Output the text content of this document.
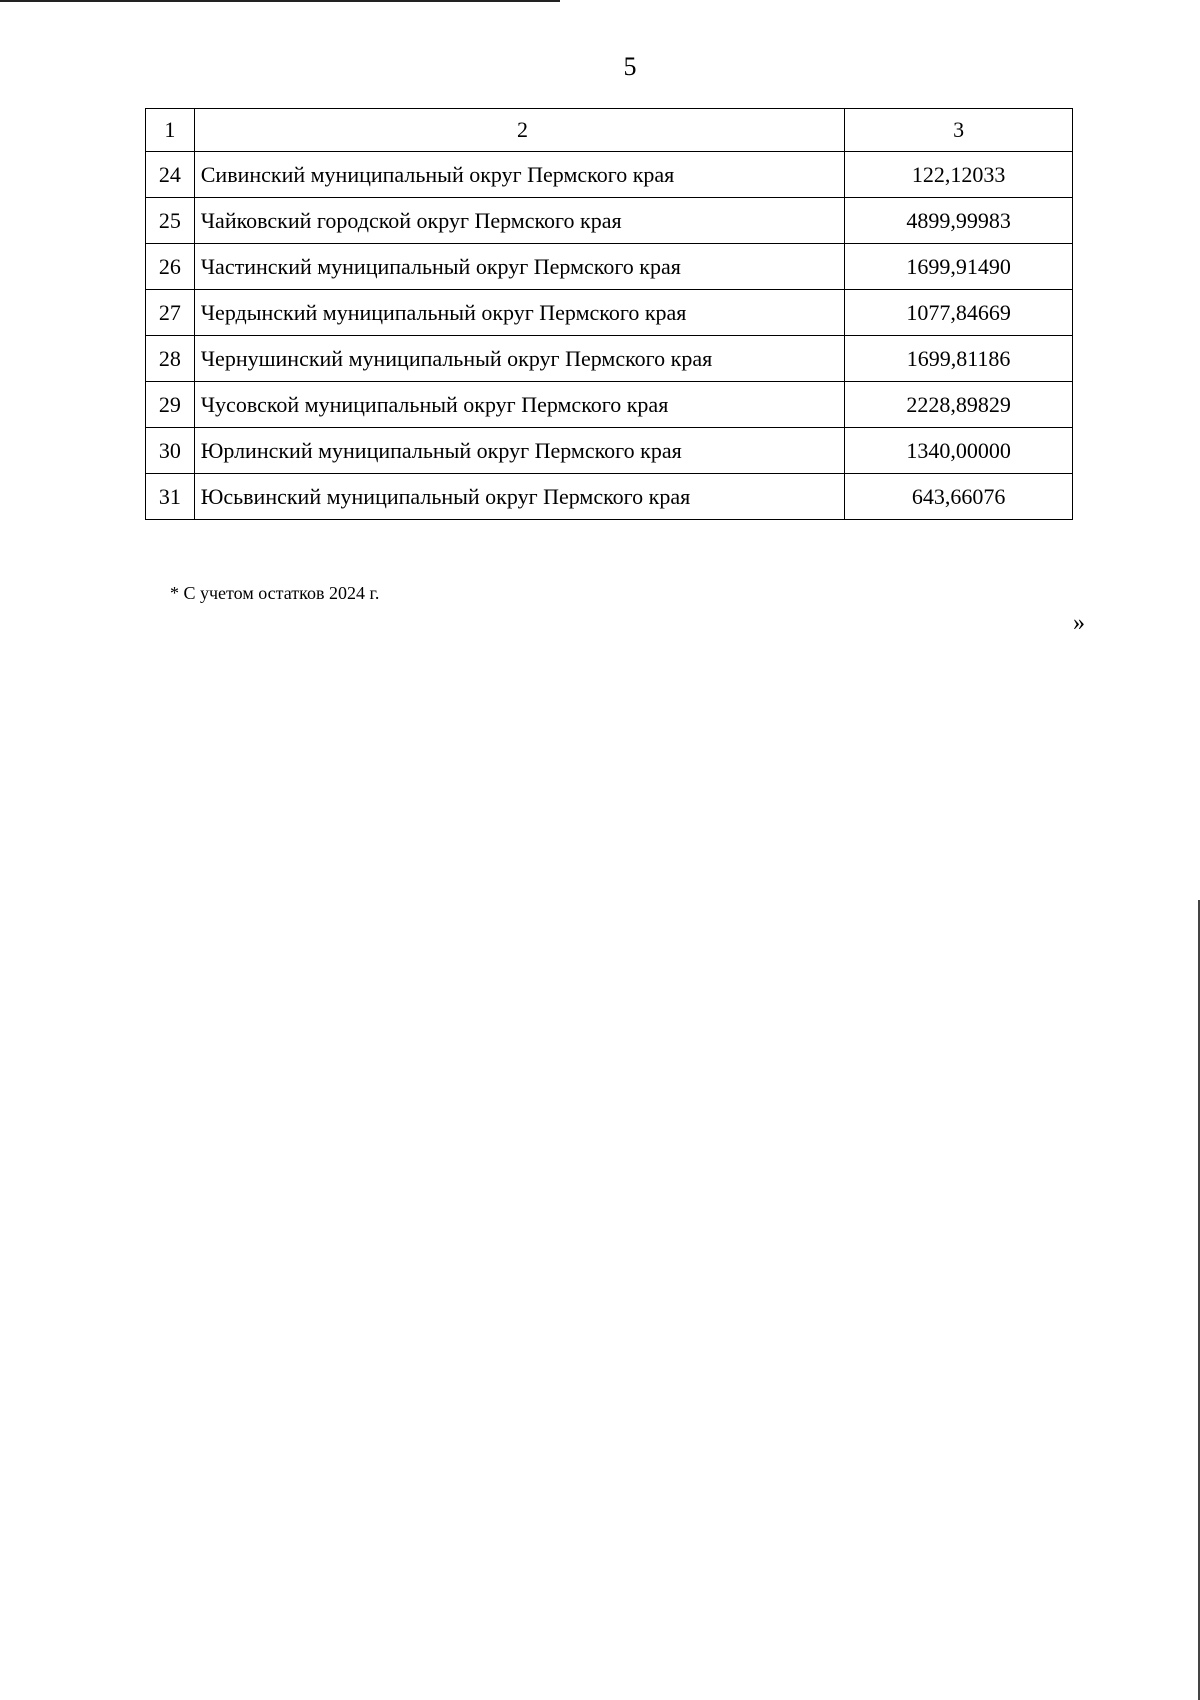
5
1	2	3
24	Сивинский муниципальный округ Пермского края	122,12033
25	Чайковский городской округ Пермского края	4899,99983
26	Частинский муниципальный округ Пермского края	1699,91490
27	Чердынский муниципальный округ Пермского края	1077,84669
28	Чернушинский муниципальный округ Пермского края	1699,81186
29	Чусовской муниципальный округ Пермского края	2228,89829
30	Юрлинский муниципальный округ Пермского края	1340,00000
31	Юсьвинский муниципальный округ Пермского края	643,66076
* С учетом остатков 2024 г.
»
